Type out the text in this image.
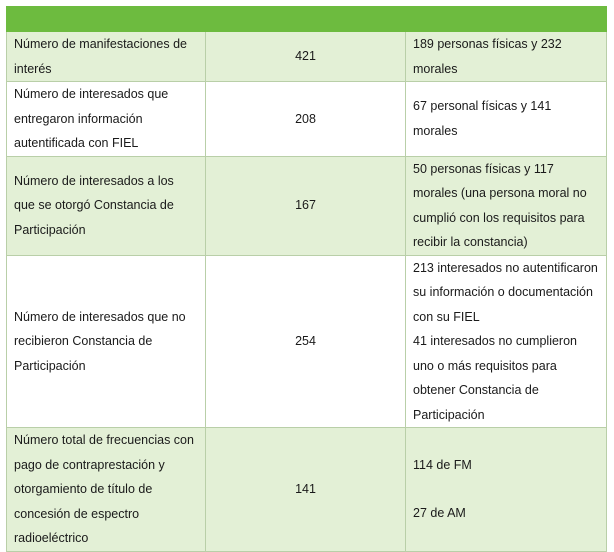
Número de manifestaciones de interés	421	189 personas físicas y 232 morales

Número de interesados que entregaron información autentificada con FIEL	208	67 personal físicas y 141 morales

Número de interesados a los que se otorgó Constancia de Participación	167	50 personas físicas y 117 morales (una persona moral no cumplió con los requisitos para recibir la constancia)

Número de interesados que no recibieron Constancia de Participación	254	213 interesados no autentificaron su información o documentación con su FIEL
41 interesados no cumplieron uno o más requisitos para obtener Constancia de Participación

Número total de frecuencias con pago de contraprestación y otorgamiento de título de concesión de espectro radioeléctrico	141	114 de FM
27 de AM
